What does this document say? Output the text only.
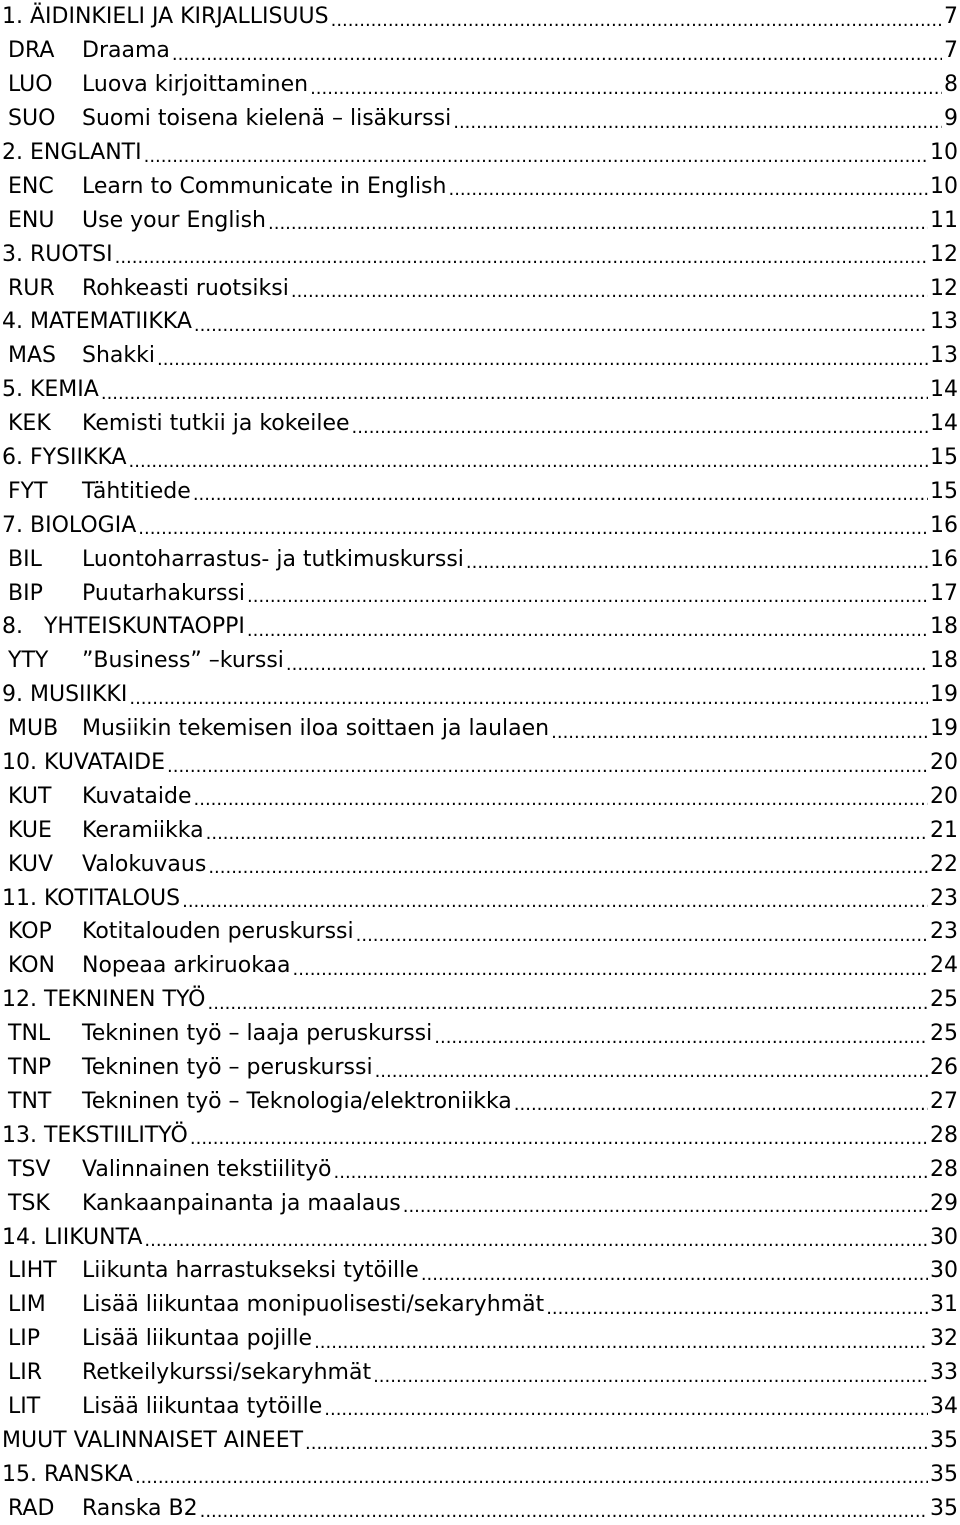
1. ÄIDINKIELI JA KIRJALLISUUS .....	7
DRA	Draama .....	7
LUO	Luova kirjoittaminen .....	8
SUO	Suomi toisena kielenä – lisäkurssi .....	9
2. ENGLANTI .....	10
ENC	Learn to Communicate in English .....	10
ENU	Use your English .....	11
3. RUOTSI .....	12
RUR	Rohkeasti ruotsiksi .....	12
4. MATEMATIIKKA .....	13
MAS	Shakki .....	13
5. KEMIA .....	14
KEK	Kemisti tutkii ja kokeilee .....	14
6. FYSIIKKA .....	15
FYT	Tähtitiede .....	15
7. BIOLOGIA .....	16
BIL	Luontoharrastus- ja tutkimuskurssi .....	16
BIP	Puutarhakurssi .....	17
8.   YHTEISKUNTAOPPI .....	18
YTY	”Business” –kurssi .....	18
9. MUSIIKKI .....	19
MUB	Musiikin tekemisen iloa soittaen ja laulaen .....	19
10. KUVATAIDE .....	20
KUT	Kuvataide .....	20
KUE	Keramiikka .....	21
KUV	Valokuvaus .....	22
11. KOTITALOUS .....	23
KOP	Kotitalouden peruskurssi .....	23
KON	Nopeaa arkiruokaa .....	24
12. TEKNINEN TYÖ .....	25
TNL	Tekninen työ – laaja peruskurssi .....	25
TNP	Tekninen työ – peruskurssi .....	26
TNT	Tekninen työ – Teknologia/elektroniikka .....	27
13. TEKSTIILITYÖ .....	28
TSV	Valinnainen tekstiilityö .....	28
TSK	Kankaanpainanta ja maalaus .....	29
14. LIIKUNTA .....	30
LIHT	Liikunta harrastukseksi tytöille .....	30
LIM	Lisää liikuntaa monipuolisesti/sekaryhmät .....	31
LIP	Lisää liikuntaa pojille .....	32
LIR	Retkeilykurssi/sekaryhmät .....	33
LIT	Lisää liikuntaa tytöille .....	34
MUUT VALINNAISET AINEET .....	35
15. RANSKA .....	35
RAD	Ranska B2 .....	35
